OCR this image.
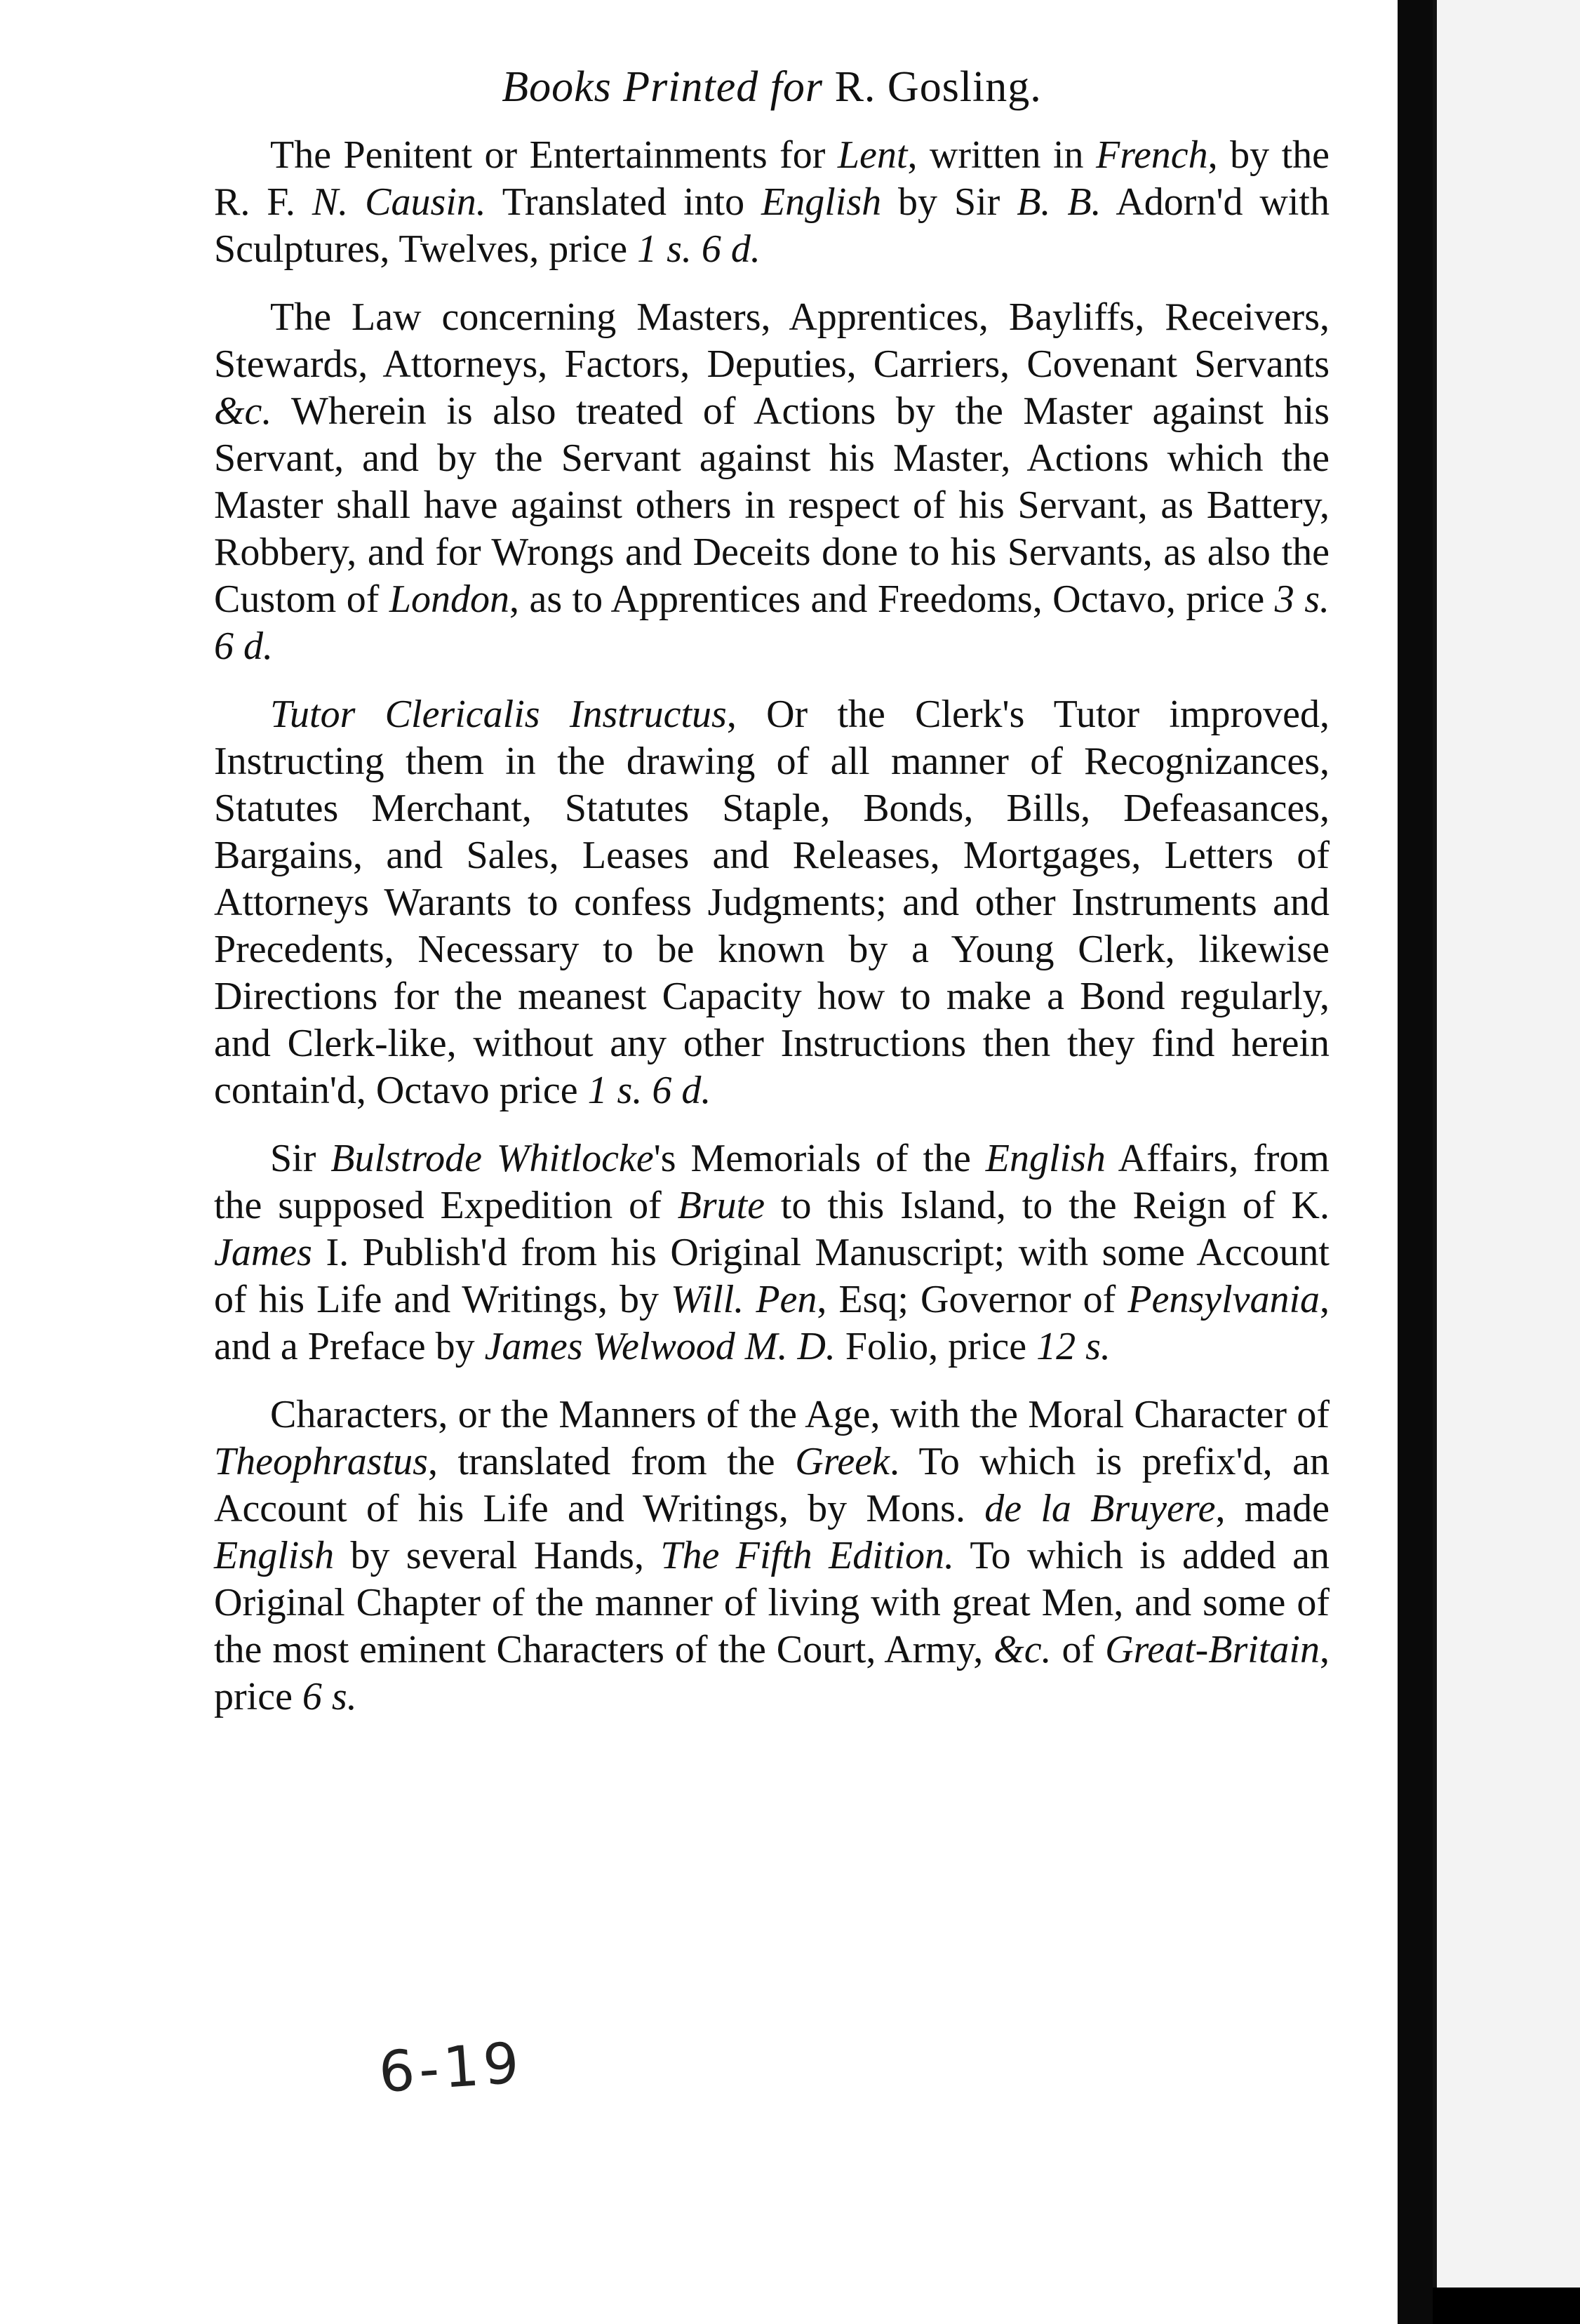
Books Printed for R. Gosling.

The Penitent or Entertainments for Lent, written in French, by the R. F. N. Causin. Translated into English by Sir B. B. Adorn'd with Sculptures, Twelves, price 1 s. 6 d.

The Law concerning Masters, Apprentices, Bayliffs, Receivers, Stewards, Attorneys, Factors, Deputies, Carriers, Covenant Servants &c. Wherein is also treated of Actions by the Master against his Servant, and by the Servant against his Master, Actions which the Master shall have against others in respect of his Servant, as Battery, Robbery, and for Wrongs and Deceits done to his Servants, as also the Custom of London, as to Apprentices and Freedoms, Octavo, price 3 s. 6 d.

Tutor Clericalis Instructus, Or the Clerk's Tutor improved, Instructing them in the drawing of all manner of Recognizances, Statutes Merchant, Statutes Staple, Bonds, Bills, Defeasances, Bargains, and Sales, Leases and Releases, Mortgages, Letters of Attorneys Warants to confess Judgments; and other Instruments and Precedents, Necessary to be known by a Young Clerk, likewise Directions for the meanest Capacity how to make a Bond regularly, and Clerk-like, without any other Instructions then they find herein contain'd, Octavo price 1 s. 6 d.

Sir Bulstrode Whitlocke's Memorials of the English Affairs, from the supposed Expedition of Brute to this Island, to the Reign of K. James I. Publish'd from his Original Manuscript; with some Account of his Life and Writings, by Will. Pen, Esq; Governor of Pensylvania, and a Preface by James Welwood M. D. Folio, price 12 s.

Characters, or the Manners of the Age, with the Moral Character of Theophrastus, translated from the Greek. To which is prefix'd, an Account of his Life and Writings, by Mons. de la Bruyere, made English by several Hands, The Fifth Edition. To which is added an Original Chapter of the manner of living with great Men, and some of the most eminent Characters of the Court, Army, &c. of Great-Britain, price 6 s.

6-19
